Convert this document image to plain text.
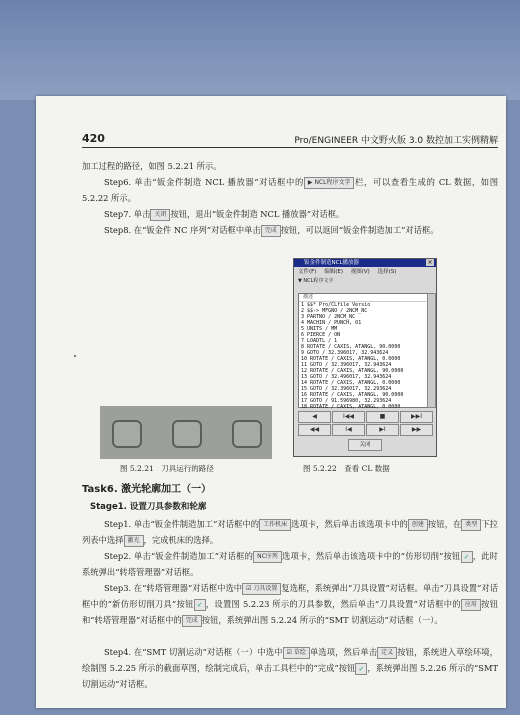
420	Pro/ENGINEER 中文野火版 3.0 数控加工实例精解
加工过程的路径，如图 5.2.21 所示。
Step6. 单击“钣金件制造 NCL 播放器”对话框中的 ▶ NCL程序文字 栏，可以查看生成的 CL 数据，如图 5.2.22 所示。
Step7. 单击 关闭 按钮，退出“钣金件制造 NCL 播放器”对话框。
Step8. 在“钣金件 NC 序列”对话框中单击 完成 按钮，可以返回“钣金件制造加工”对话框。
图 5.2.21　刀具运行的路径
钣金件制造NCL播放器	×
文件(F) 编辑(E) 视图(V) 选择(S)
▼ NCL程序文字
描述
1 $$* Pro/CLfile Versio
2 $$-> MFGNO / 2NCM_NC
3 PARTNO / 2NCM_NC
4 MACHIN / PUNCH, 01
5 UNITS / MM
6 PIERCE / ON
7 LOADTL / 1
8 ROTATE / CAXIS, ATANGL, 90.0000
9 GOTO / 32.396017, 32.943624
10 ROTATE / CAXIS, ATANGL, 0.0000
11 GOTO / 32.396017, 32.943624
12 ROTATE / CAXIS, ATANGL, 90.0000
13 GOTO / 32.496017, 32.943624
14 ROTATE / CAXIS, ATANGL, 0.0000
15 GOTO / 32.396017, 32.293624
16 ROTATE / CAXIS, ATANGL, 90.0000
17 GOTO / 91.596980, 32.293624
18 ROTATE / CAXIS, ATANGL, 0.0000
◀	I◀◀	■	▶▶I
◀◀	I◀	▶I	▶▶
关闭
图 5.2.22　查看 CL 数据
Task6. 激光轮廓加工（一）
Stage1. 设置刀具参数和轮廓
Step1. 单击“钣金件制造加工”对话框中的 工作机床 选项卡，然后单击该选项卡中的 创建 按钮，在 类型 下拉列表中选择 激光 ，完成机床的选择。
Step2. 单击“钣金件制造加工”对话框的 NC序列 选项卡，然后单击该选项卡中的“仿形切削”按钮 ✓ ，此时系统弹出“转塔管理器”对话框。
Step3. 在“转塔管理器”对话框中选中 ☑ 刀具设置 复选框，系统弹出“刀具设置”对话框。单击“刀具设置”对话框中的“新仿形切削刀具”按钮 ✓ ，设置图 5.2.23 所示的刀具参数，然后单击“刀具设置”对话框中的 应用 按钮和“转塔管理器”对话框中的 完成 按钮，系统弹出图 5.2.24 所示的“SMT 切割运动”对话框（一）。
Step4. 在“SMT 切割运动”对话框（一）中选中 ☑ 草绘 单选项，然后单击 定义 按钮，系统进入草绘环境，绘制图 5.2.25 所示的截面草图，绘制完成后，单击工具栏中的“完成”按钮 ✓ ，系统弹出图 5.2.26 所示的“SMT 切割运动”对话框。
